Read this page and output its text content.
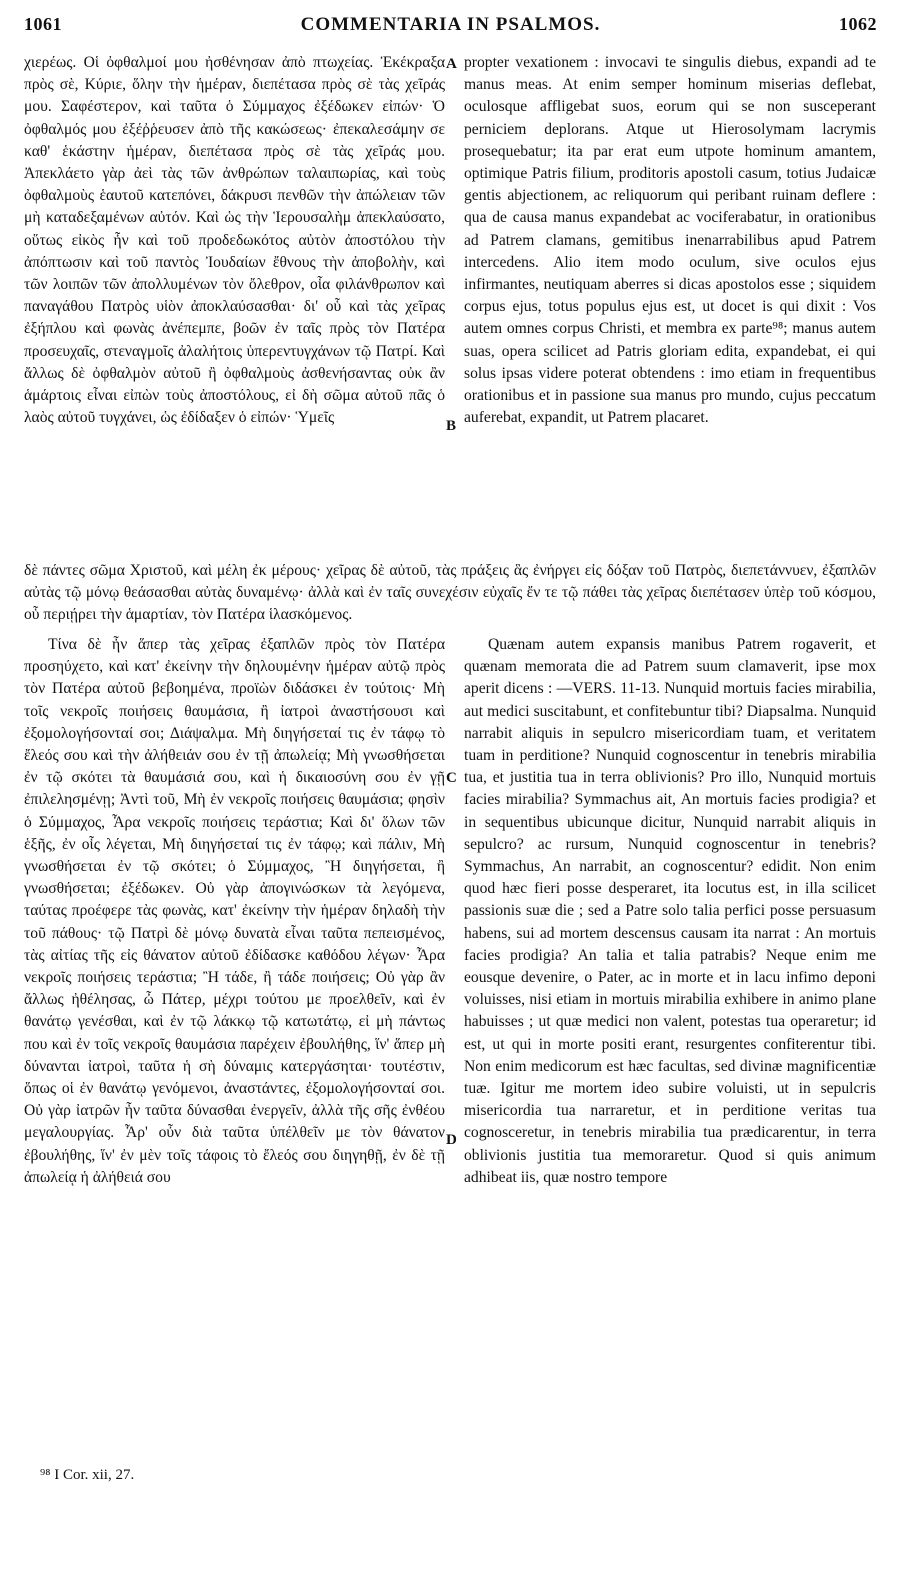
1061	COMMENTARIA IN PSALMOS.	1062

χιερέως. Οἱ ὀφθαλμοί μου ἠσθένησαν ἀπὸ πτωχείας. Ἐκέκραξα πρὸς σὲ, Κύριε, ὅλην τὴν ἡμέραν, διεπέτασα πρὸς σὲ τὰς χεῖράς μου. Σαφέστερον, καὶ ταῦτα ὁ Σύμμαχος ἐξέδωκεν εἰπών· Ὁ ὀφθαλμός μου ἐξέῤῥευσεν ἀπὸ τῆς κακώσεως· ἐπεκαλεσάμην σε καθ' ἑκάστην ἡμέραν, διεπέτασα πρὸς σὲ τὰς χεῖράς μου. Ἀπεκλάετο γὰρ ἀεὶ τὰς τῶν ἀνθρώπων ταλαιπωρίας, καὶ τοὺς ὀφθαλμοὺς ἑαυτοῦ κατεπόνει, δάκρυσι πενθῶν τὴν ἀπώλειαν τῶν μὴ καταδεξαμένων αὐτόν. Καὶ ὡς τὴν Ἱερουσαλὴμ ἀπεκλαύσατο, οὕτως εἰκὸς ἦν καὶ τοῦ προδεδωκότος αὐτὸν ἀποστόλου τὴν ἀπόπτωσιν καὶ τοῦ παντὸς Ἰουδαίων ἔθνους τὴν ἀποβολὴν, καὶ τῶν λοιπῶν τῶν ἀπολλυμένων τὸν ὄλεθρον, οἷα φιλάνθρωπον καὶ παναγάθου Πατρὸς υἱὸν ἀποκλαύσασθαι· δι' οὗ καὶ τὰς χεῖρας ἐξήπλου καὶ φωνὰς ἀνέπεμπε, βοῶν ἐν ταῖς πρὸς τὸν Πατέρα προσευχαῖς, στεναγμοῖς ἀλαλήτοις ὑπερεντυγχάνων τῷ Πατρί. Καὶ ἄλλως δὲ ὀφθαλμὸν αὐτοῦ ἢ ὀφθαλμοὺς ἀσθενήσαντας οὐκ ἂν ἁμάρτοις εἶναι εἰπὼν τοὺς ἀποστόλους, εἰ δὴ σῶμα αὐτοῦ πᾶς ὁ λαὸς αὐτοῦ τυγχάνει, ὡς ἐδίδαξεν ὁ εἰπών· Ὑμεῖς

propter vexationem : invocavi te singulis diebus, expandi ad te manus meas. At enim semper hominum miserias deflebat, oculosque affligebat suos, eorum qui se non susceperant perniciem deplorans. Atque ut Hierosolymam lacrymis prosequebatur; ita par erat eum utpote hominum amantem, optimique Patris filium, proditoris apostoli casum, totius Judaicæ gentis abjectionem, ac reliquorum qui peribant ruinam deflere : qua de causa manus expandebat ac vociferabatur, in orationibus ad Patrem clamans, gemitibus inenarrabilibus apud Patrem intercedens. Alio item modo oculum, sive oculos ejus infirmantes, neutiquam aberres si dicas apostolos esse ; siquidem corpus ejus, totus populus ejus est, ut docet is qui dixit : Vos autem omnes corpus Christi, et membra ex parte⁹⁸; manus autem suas, opera scilicet ad Patris gloriam edita, expandebat, ei qui solus ipsas videre poterat obtendens : imo etiam in frequentibus orationibus et in passione sua manus pro mundo, cujus peccatum auferebat, expandit, ut Patrem placaret.

A
B

δὲ πάντες σῶμα Χριστοῦ, καὶ μέλη ἐκ μέρους· χεῖρας δὲ αὐτοῦ, τὰς πράξεις ἃς ἐνήργει εἰς δόξαν τοῦ Πατρὸς, διεπετάννυεν, ἐξαπλῶν αὐτὰς τῷ μόνῳ θεάσασθαι αὐτὰς δυναμένῳ· ἀλλὰ καὶ ἐν ταῖς συνεχέσιν εὐχαῖς ἔν τε τῷ πάθει τὰς χεῖρας διεπέτασεν ὑπὲρ τοῦ κόσμου, οὗ περιῄρει τὴν ἁμαρτίαν, τὸν Πατέρα ἱλασκόμενος.

Τίνα δὲ ἦν ἅπερ τὰς χεῖρας ἐξαπλῶν πρὸς τὸν Πατέρα προσηύχετο, καὶ κατ' ἐκείνην τὴν δηλουμένην ἡμέραν αὐτῷ πρὸς τὸν Πατέρα αὐτοῦ βεβοημένα, προϊὼν διδάσκει ἐν τούτοις· Μὴ τοῖς νεκροῖς ποιήσεις θαυμάσια, ἢ ἰατροὶ ἀναστήσουσι καὶ ἐξομολογήσονταί σοι; Διάψαλμα. Μὴ διηγήσεταί τις ἐν τάφῳ τὸ ἔλεός σου καὶ τὴν ἀλήθειάν σου ἐν τῇ ἀπωλείᾳ; Μὴ γνωσθήσεται ἐν τῷ σκότει τὰ θαυμάσιά σου, καὶ ἡ δικαιοσύνη σου ἐν γῇ ἐπιλελησμένῃ; Ἀντὶ τοῦ, Μὴ ἐν νεκροῖς ποιήσεις θαυμάσια; φησὶν ὁ Σύμμαχος, Ἆρα νεκροῖς ποιήσεις τεράστια; Καὶ δι' ὅλων τῶν ἑξῆς, ἐν οἷς λέγεται, Μὴ διηγήσεταί τις ἐν τάφῳ; καὶ πάλιν, Μὴ γνωσθήσεται ἐν τῷ σκότει; ὁ Σύμμαχος, Ἢ διηγήσεται, ἢ γνωσθήσεται; ἐξέδωκεν. Οὐ γὰρ ἀπογινώσκων τὰ λεγόμενα, ταύτας προέφερε τὰς φωνὰς, κατ' ἐκείνην τὴν ἡμέραν δηλαδὴ τὴν τοῦ πάθους· τῷ Πατρὶ δὲ μόνῳ δυνατὰ εἶναι ταῦτα πεπεισμένος, τὰς αἰτίας τῆς εἰς θάνατον αὐτοῦ ἐδίδασκε καθόδου λέγων· Ἆρα νεκροῖς ποιήσεις τεράστια; Ἢ τάδε, ἢ τάδε ποιήσεις; Οὐ γὰρ ἂν ἄλλως ἠθέλησας, ὦ Πάτερ, μέχρι τούτου με προελθεῖν, καὶ ἐν θανάτῳ γενέσθαι, καὶ ἐν τῷ λάκκῳ τῷ κατωτάτῳ, εἰ μὴ πάντως που καὶ ἐν τοῖς νεκροῖς θαυμάσια παρέχειν ἐβουλήθης, ἵν' ἅπερ μὴ δύνανται ἰατροὶ, ταῦτα ἡ σὴ δύναμις κατεργάσηται· τουτέστιν, ὅπως οἱ ἐν θανάτῳ γενόμενοι, ἀναστάντες, ἐξομολογήσονταί σοι. Οὐ γὰρ ἰατρῶν ἦν ταῦτα δύνασθαι ἐνεργεῖν, ἀλλὰ τῆς σῆς ἐνθέου μεγαλουργίας. Ἆρ' οὖν διὰ ταῦτα ὑπέλθεῖν με τὸν θάνατον ἐβουλήθης, ἵν' ἐν μὲν τοῖς τάφοις τὸ ἔλεός σου διηγηθῇ, ἐν δὲ τῇ ἀπωλείᾳ ἡ ἀλήθειά σου

Quænam autem expansis manibus Patrem rogaverit, et quænam memorata die ad Patrem suum clamaverit, ipse mox aperit dicens : —VERS. 11-13. Nunquid mortuis facies mirabilia, aut medici suscitabunt, et confitebuntur tibi? Diapsalma. Nunquid narrabit aliquis in sepulcro misericordiam tuam, et veritatem tuam in perditione? Nunquid cognoscentur in tenebris mirabilia tua, et justitia tua in terra oblivionis? Pro illo, Nunquid mortuis facies mirabilia? Symmachus ait, An mortuis facies prodigia? et in sequentibus ubicunque dicitur, Nunquid narrabit aliquis in sepulcro? ac rursum, Nunquid cognoscentur in tenebris? Symmachus, An narrabit, an cognoscentur? edidit. Non enim quod hæc fieri posse desperaret, ita locutus est, in illa scilicet passionis suæ die ; sed a Patre solo talia perfici posse persuasum habens, sui ad mortem descensus causam ita narrat : An mortuis facies prodigia? An talia et talia patrabis? Neque enim me eousque devenire, o Pater, ac in morte et in lacu infimo deponi voluisses, nisi etiam in mortuis mirabilia exhibere in animo plane habuisses ; ut quæ medici non valent, potestas tua operaretur; id est, ut qui in morte positi erant, resurgentes confiterentur tibi. Non enim medicorum est hæc facultas, sed divinæ magnificentiæ tuæ. Igitur me mortem ideo subire voluisti, ut in sepulcris misericordia tua narraretur, et in perditione veritas tua cognosceretur, in tenebris mirabilia tua prædicarentur, in terra oblivionis justitia tua memoraretur. Quod si quis animum adhibeat iis, quæ nostro tempore

C
D
⁹⁸ I Cor. xii, 27.
